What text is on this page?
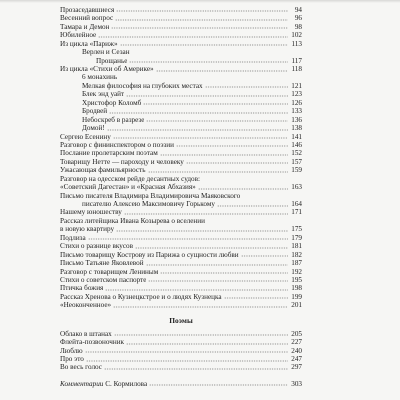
Прозаседавшиеся	94
Весенний вопрос	96
Тамара и Демон	98
Юбилейное	102
Из цикла «Париж»	113
Верлен и Сезан
Прощанье	117
Из цикла «Стихи об Америке»	118
6 монахинь
Мелкая философия на глубоких местах	121
Блек энд уайт	123
Христофор Коломб	126
Бродвей	133
Небоскреб в разрезе	136
Домой!	138
Сергею Есенину	141
Разговор с фининспектором о поэзии	146
Послание пролетарским поэтам	152
Товарищу Нетте — пароходу и человеку	157
Ужасающая фамильярность	159
Разговор на одесском рейде десантных судов:
«Советский Дагестан» и «Красная Абхазия»	163
Письмо писателя Владимира Владимировича Маяковского
писателю Алексею Максимовичу Горькому	164
Нашему юношеству	171
Рассказ литейщика Ивана Козырева о вселении
в новую квартиру	175
Подлиза	179
Стихи о разнице вкусов	181
Письмо товарищу Кострову из Парижа о сущности любви	182
Письмо Татьяне Яковлевой	187
Разговор с товарищем Лениным	192
Стихи о советском паспорте	195
Птичка божия	198
Рассказ Хренова о Кузнецкстрое и о людях Кузнецка	199
«Неоконченное»	201
Поэмы
Облако в штанах	205
Флейта-позвоночник	227
Люблю	240
Про это	247
Во весь голос	297
Комментарии С. Кормилова	303
